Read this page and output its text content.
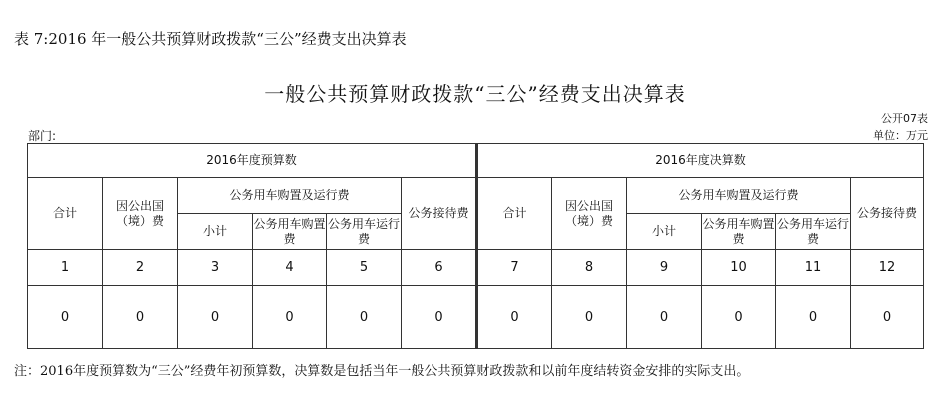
表 7:2016 年一般公共预算财政拨款“三公”经费支出决算表
一般公共预算财政拨款“三公”经费支出决算表
公开07表
部门:	单位：万元
2016年度预算数						2016年度决算数					
合计	因公出国（境）费	公务用车购置及运行费			公务接待费	合计	因公出国（境）费	公务用车购置及运行费			公务接待费
		小计	公务用车购置费	公务用车运行费				小计	公务用车购置费	公务用车运行费	
1	2	3	4	5	6	7	8	9	10	11	12
0	0	0	0	0	0	0	0	0	0	0	0
注：2016年度预算数为“三公”经费年初预算数，决算数是包括当年一般公共预算财政拨款和以前年度结转资金安排的实际支出。
